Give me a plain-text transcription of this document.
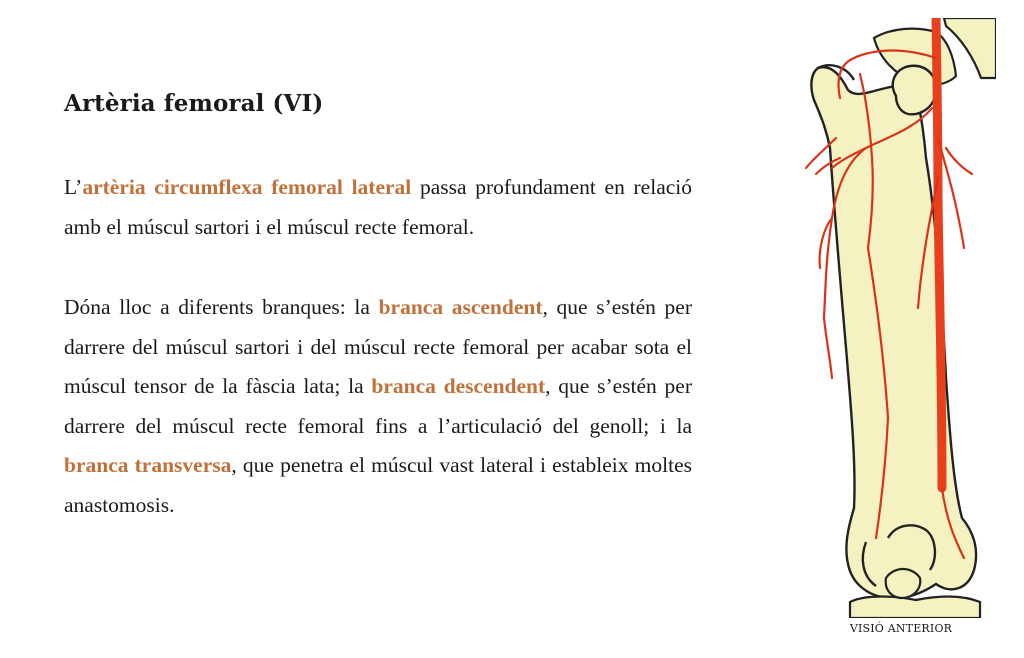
Artèria femoral (VI)

L’artèria circumflexa femoral lateral passa profundament en relació amb el múscul sartori i el múscul recte femoral.

Dóna lloc a diferents branques: la branca ascendent, que s’estén per darrere del múscul sartori i del múscul recte femoral per acabar sota el múscul tensor de la fàscia lata; la branca descendent, que s’estén per darrere del múscul recte femoral fins a l’articulació del genoll; i la branca transversa, que penetra el múscul vast lateral i estableix moltes anastomosis.

VISIÓ ANTERIOR
